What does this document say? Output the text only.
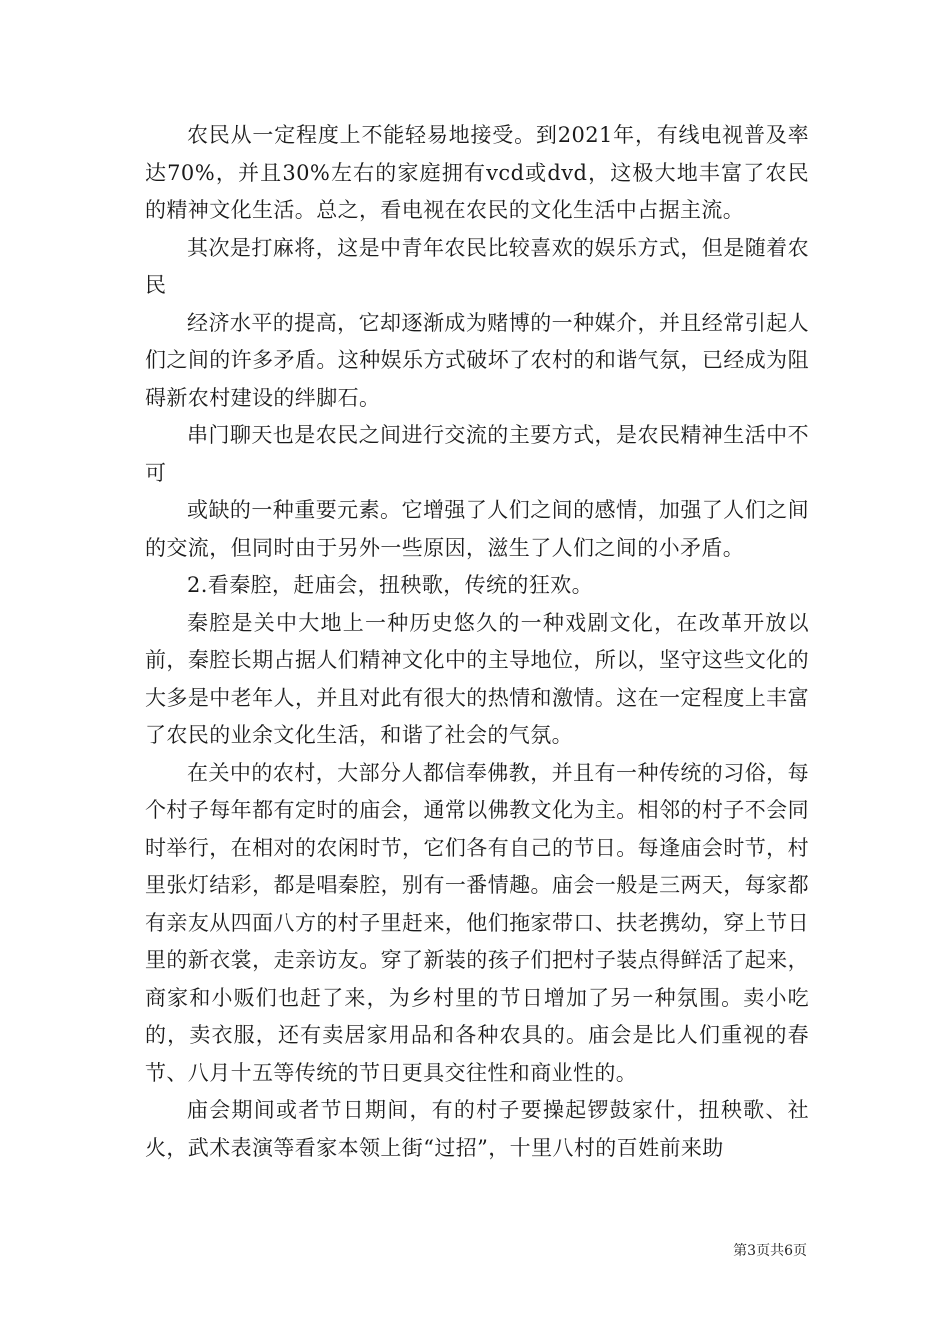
农民从一定程度上不能轻易地接受。到2021年，有线电视普及率达70%，并且30%左右的家庭拥有vcd或dvd，这极大地丰富了农民的精神文化生活。总之，看电视在农民的文化生活中占据主流。

其次是打麻将，这是中青年农民比较喜欢的娱乐方式，但是随着农民

经济水平的提高，它却逐渐成为赌博的一种媒介，并且经常引起人们之间的许多矛盾。这种娱乐方式破坏了农村的和谐气氛，已经成为阻碍新农村建设的绊脚石。

串门聊天也是农民之间进行交流的主要方式，是农民精神生活中不可

或缺的一种重要元素。它增强了人们之间的感情，加强了人们之间的交流，但同时由于另外一些原因，滋生了人们之间的小矛盾。

2.看秦腔，赶庙会，扭秧歌，传统的狂欢。

秦腔是关中大地上一种历史悠久的一种戏剧文化，在改革开放以前，秦腔长期占据人们精神文化中的主导地位，所以，坚守这些文化的大多是中老年人，并且对此有很大的热情和激情。这在一定程度上丰富了农民的业余文化生活，和谐了社会的气氛。

在关中的农村，大部分人都信奉佛教，并且有一种传统的习俗，每个村子每年都有定时的庙会，通常以佛教文化为主。相邻的村子不会同时举行，在相对的农闲时节，它们各有自己的节日。每逢庙会时节，村里张灯结彩，都是唱秦腔，别有一番情趣。庙会一般是三两天，每家都有亲友从四面八方的村子里赶来，他们拖家带口、扶老携幼，穿上节日里的新衣裳，走亲访友。穿了新装的孩子们把村子装点得鲜活了起来，商家和小贩们也赶了来，为乡村里的节日增加了另一种氛围。卖小吃的，卖衣服，还有卖居家用品和各种农具的。庙会是比人们重视的春节、八月十五等传统的节日更具交往性和商业性的。

庙会期间或者节日期间，有的村子要操起锣鼓家什，扭秧歌、社火，武术表演等看家本领上街“过招”，十里八村的百姓前来助

第3页共6页
